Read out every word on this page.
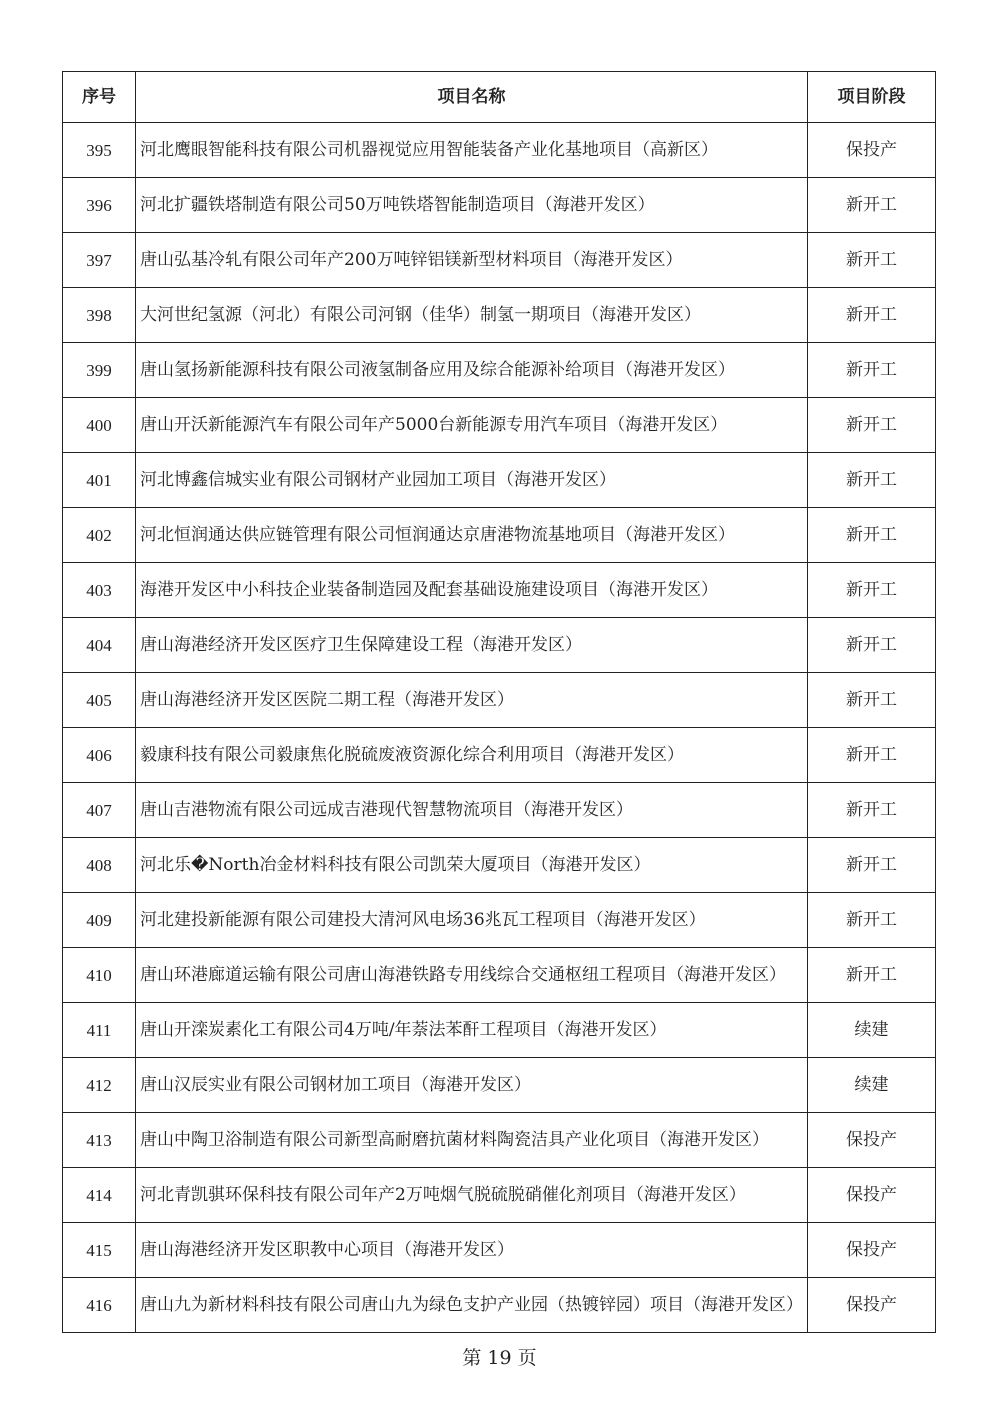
序号	项目名称	项目阶段
395	河北鹰眼智能科技有限公司机器视觉应用智能装备产业化基地项目（高新区）	保投产
396	河北扩疆铁塔制造有限公司50万吨铁塔智能制造项目（海港开发区）	新开工
397	唐山弘基冷轧有限公司年产200万吨锌铝镁新型材料项目（海港开发区）	新开工
398	大河世纪氢源（河北）有限公司河钢（佳华）制氢一期项目（海港开发区）	新开工
399	唐山氢扬新能源科技有限公司液氢制备应用及综合能源补给项目（海港开发区）	新开工
400	唐山开沃新能源汽车有限公司年产5000台新能源专用汽车项目（海港开发区）	新开工
401	河北博鑫信城实业有限公司钢材产业园加工项目（海港开发区）	新开工
402	河北恒润通达供应链管理有限公司恒润通达京唐港物流基地项目（海港开发区）	新开工
403	海港开发区中小科技企业装备制造园及配套基础设施建设项目（海港开发区）	新开工
404	唐山海港经济开发区医疗卫生保障建设工程（海港开发区）	新开工
405	唐山海港经济开发区医院二期工程（海港开发区）	新开工
406	毅康科技有限公司毅康焦化脱硫废液资源化综合利用项目（海港开发区）	新开工
407	唐山吉港物流有限公司远成吉港现代智慧物流项目（海港开发区）	新开工
408	河北乐�North冶金材料科技有限公司凯荣大厦项目（海港开发区）	新开工
409	河北建投新能源有限公司建投大清河风电场36兆瓦工程项目（海港开发区）	新开工
410	唐山环港廊道运输有限公司唐山海港铁路专用线综合交通枢纽工程项目（海港开发区）	新开工
411	唐山开滦炭素化工有限公司4万吨/年萘法苯酐工程项目（海港开发区）	续建
412	唐山汉辰实业有限公司钢材加工项目（海港开发区）	续建
413	唐山中陶卫浴制造有限公司新型高耐磨抗菌材料陶瓷洁具产业化项目（海港开发区）	保投产
414	河北青凯骐环保科技有限公司年产2万吨烟气脱硫脱硝催化剂项目（海港开发区）	保投产
415	唐山海港经济开发区职教中心项目（海港开发区）	保投产
416	唐山九为新材料科技有限公司唐山九为绿色支护产业园（热镀锌园）项目（海港开发区）	保投产
第 19 页
